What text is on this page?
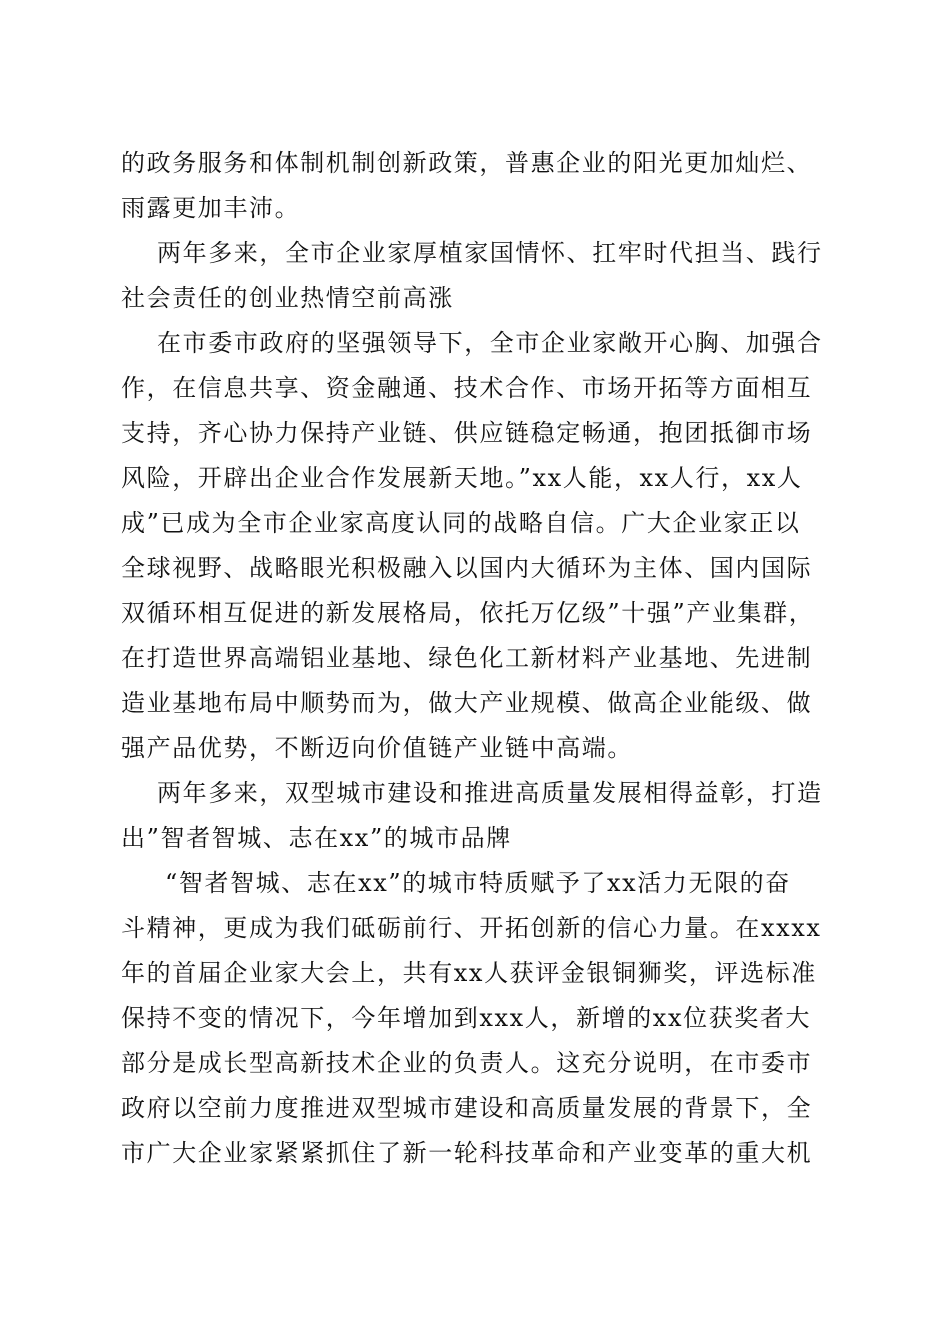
的政务服务和体制机制创新政策，普惠企业的阳光更加灿烂、
雨露更加丰沛。
两年多来，全市企业家厚植家国情怀、扛牢时代担当、践行
社会责任的创业热情空前高涨
在市委市政府的坚强领导下，全市企业家敞开心胸、加强合
作，在信息共享、资金融通、技术合作、市场开拓等方面相互
支持，齐心协力保持产业链、供应链稳定畅通，抱团抵御市场
风险，开辟出企业合作发展新天地。”xx人能，xx人行，xx人
成”已成为全市企业家高度认同的战略自信。广大企业家正以
全球视野、战略眼光积极融入以国内大循环为主体、国内国际
双循环相互促进的新发展格局，依托万亿级”十强”产业集群，
在打造世界高端铝业基地、绿色化工新材料产业基地、先进制
造业基地布局中顺势而为，做大产业规模、做高企业能级、做
强产品优势，不断迈向价值链产业链中高端。
两年多来，双型城市建设和推进高质量发展相得益彰，打造
出”智者智城、志在xx”的城市品牌
“智者智城、志在xx”的城市特质赋予了xx活力无限的奋
斗精神，更成为我们砥砺前行、开拓创新的信心力量。在xxxx
年的首届企业家大会上，共有xx人获评金银铜狮奖，评选标准
保持不变的情况下，今年增加到xxx人，新增的xx位获奖者大
部分是成长型高新技术企业的负责人。这充分说明，在市委市
政府以空前力度推进双型城市建设和高质量发展的背景下，全
市广大企业家紧紧抓住了新一轮科技革命和产业变革的重大机
